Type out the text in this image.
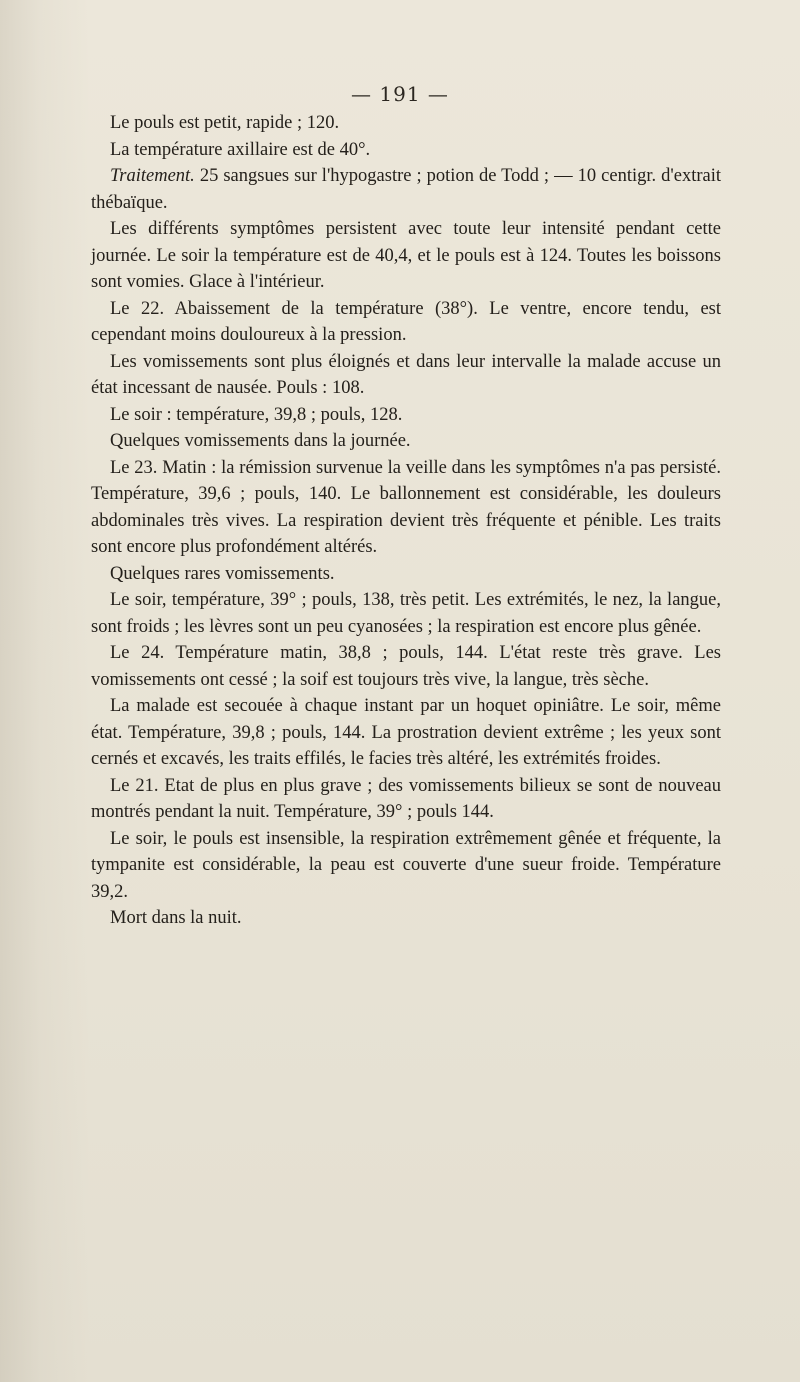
— 191 —

Le pouls est petit, rapide ; 120.

La température axillaire est de 40°.

Traitement. 25 sangsues sur l'hypogastre ; potion de Todd ; — 10 centigr. d'extrait thébaïque.

Les différents symptômes persistent avec toute leur intensité pendant cette journée. Le soir la température est de 40,4, et le pouls est à 124. Toutes les boissons sont vomies. Glace à l'intérieur.

Le 22. Abaissement de la température (38°). Le ventre, encore tendu, est cependant moins douloureux à la pression.

Les vomissements sont plus éloignés et dans leur intervalle la malade accuse un état incessant de nausée. Pouls : 108.

Le soir : température, 39,8 ; pouls, 128.

Quelques vomissements dans la journée.

Le 23. Matin : la rémission survenue la veille dans les symptômes n'a pas persisté. Température, 39,6 ; pouls, 140. Le ballonnement est considérable, les douleurs abdominales très vives. La respiration devient très fréquente et pénible. Les traits sont encore plus profondément altérés.

Quelques rares vomissements.

Le soir, température, 39° ; pouls, 138, très petit. Les extrémités, le nez, la langue, sont froids ; les lèvres sont un peu cyanosées ; la respiration est encore plus gênée.

Le 24. Température matin, 38,8 ; pouls, 144. L'état reste très grave. Les vomissements ont cessé ; la soif est toujours très vive, la langue, très sèche.

La malade est secouée à chaque instant par un hoquet opiniâtre. Le soir, même état. Température, 39,8 ; pouls, 144. La prostration devient extrême ; les yeux sont cernés et excavés, les traits effilés, le facies très altéré, les extrémités froides.

Le 21. Etat de plus en plus grave ; des vomissements bilieux se sont de nouveau montrés pendant la nuit. Température, 39° ; pouls 144.

Le soir, le pouls est insensible, la respiration extrêmement gênée et fréquente, la tympanite est considérable, la peau est couverte d'une sueur froide. Température 39,2.

Mort dans la nuit.
